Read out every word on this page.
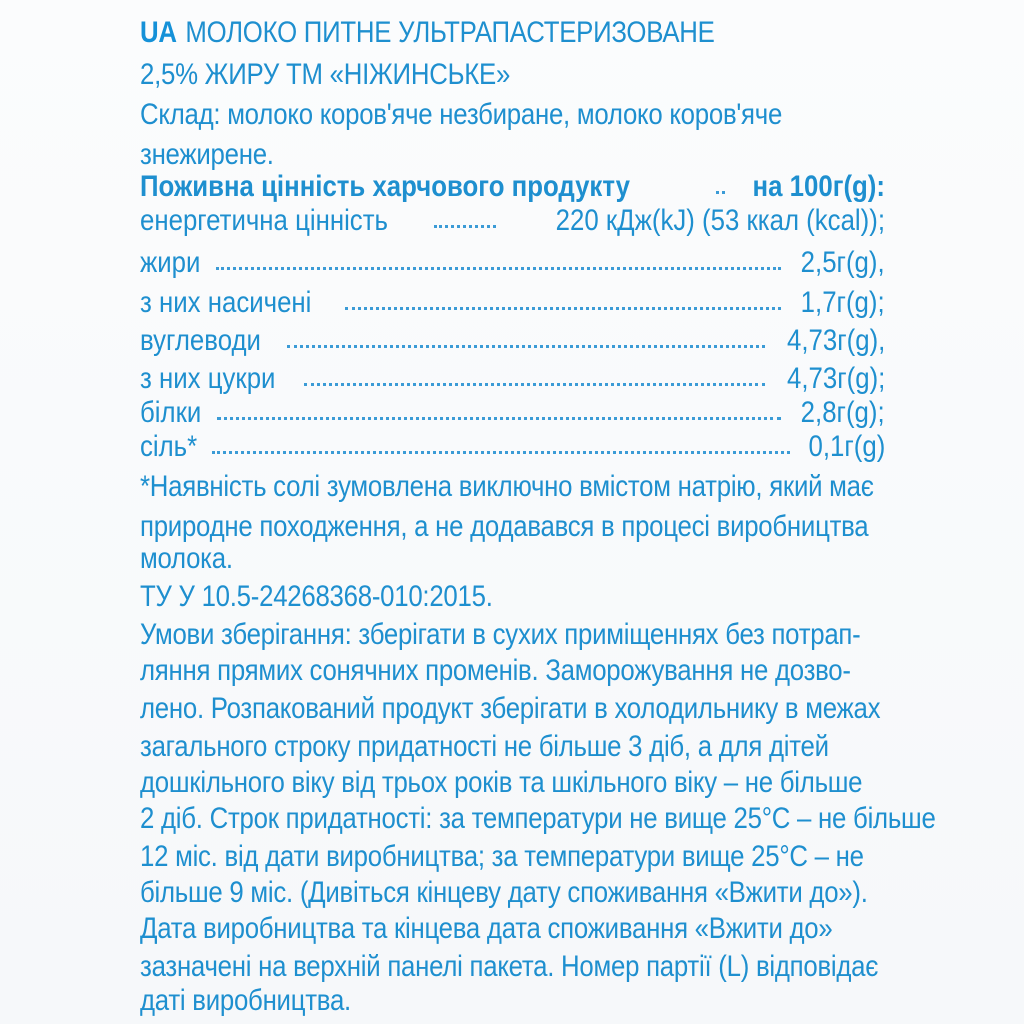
UA МОЛОКО ПИТНЕ УЛЬТРАПАСТЕРИЗОВАНЕ
2,5% ЖИРУ ТМ «НІЖИНСЬКЕ»
Склад: молоко коров'яче незбиране, молоко коров'яче
знежирене.
Поживна цінність харчового продукту	на 100г(g):
енергетична цінність	220 кДж(kJ) (53 ккал (kcal));
жири	2,5г(g),
з них насичені	1,7г(g);
вуглеводи	4,73г(g),
з них цукри	4,73г(g);
білки	2,8г(g);
сіль*	0,1г(g)
*Наявність солі зумовлена виключно вмістом натрію, який має
природне походження, а не додавався в процесі виробництва
молока.
ТУ У 10.5-24268368-010:2015.
Умови зберігання: зберігати в сухих приміщеннях без потрап-
ляння прямих сонячних променів. Заморожування не дозво-
лено. Розпакований продукт зберігати в холодильнику в межах
загального строку придатності не більше 3 діб, а для дітей
дошкільного віку від трьох років та шкільного віку – не більше
2 діб. Строк придатності: за температури не вище 25°С – не більше
12 міс. від дати виробництва; за температури вище 25°С – не
більше 9 міс. (Дивіться кінцеву дату споживання «Вжити до»).
Дата виробництва та кінцева дата споживання «Вжити до»
зазначені на верхній панелі пакета. Номер партії (L) відповідає
даті виробництва.
